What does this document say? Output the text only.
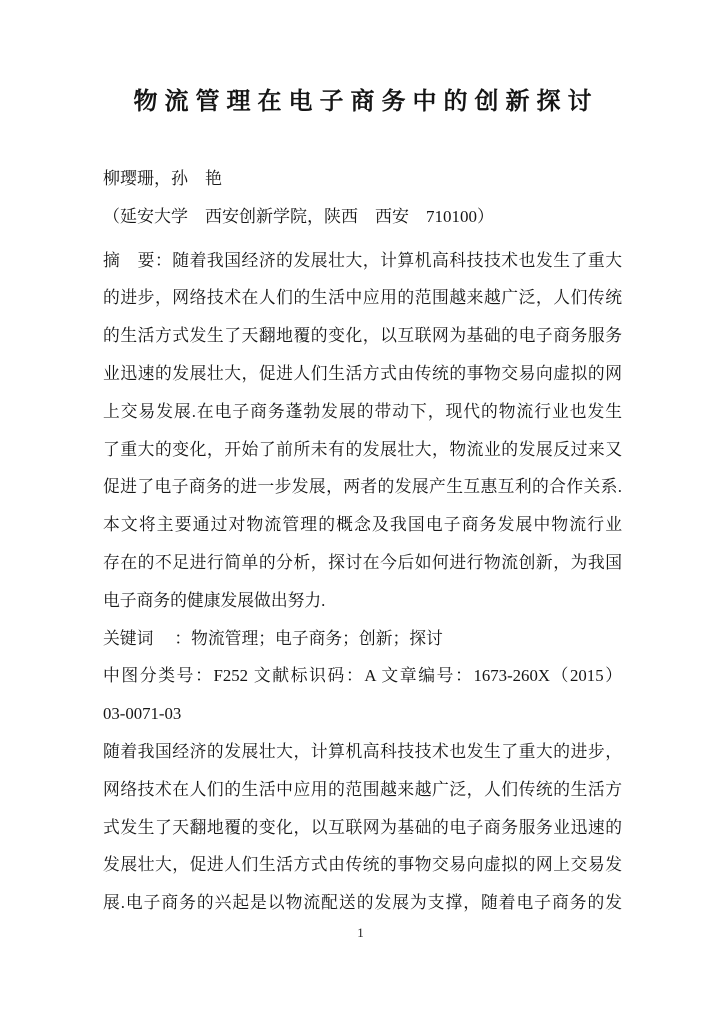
物流管理在电子商务中的创新探讨
柳璎珊，孙　艳
（延安大学　西安创新学院，陕西　西安　710100）
摘　要：随着我国经济的发展壮大，计算机高科技技术也发生了重大
的进步，网络技术在人们的生活中应用的范围越来越广泛，人们传统
的生活方式发生了天翻地覆的变化，以互联网为基础的电子商务服务
业迅速的发展壮大，促进人们生活方式由传统的事物交易向虚拟的网
上交易发展.在电子商务蓬勃发展的带动下，现代的物流行业也发生
了重大的变化，开始了前所未有的发展壮大，物流业的发展反过来又
促进了电子商务的进一步发展，两者的发展产生互惠互利的合作关系.
本文将主要通过对物流管理的概念及我国电子商务发展中物流行业
存在的不足进行简单的分析，探讨在今后如何进行物流创新，为我国
电子商务的健康发展做出努力.
关键词　 ：物流管理；电子商务；创新；探讨
中图分类号：F252 文献标识码：A 文章编号：1673-260X（2015）
03-0071-03
随着我国经济的发展壮大，计算机高科技技术也发生了重大的进步，
网络技术在人们的生活中应用的范围越来越广泛，人们传统的生活方
式发生了天翻地覆的变化，以互联网为基础的电子商务服务业迅速的
发展壮大，促进人们生活方式由传统的事物交易向虚拟的网上交易发
展.电子商务的兴起是以物流配送的发展为支撑，随着电子商务的发
1
